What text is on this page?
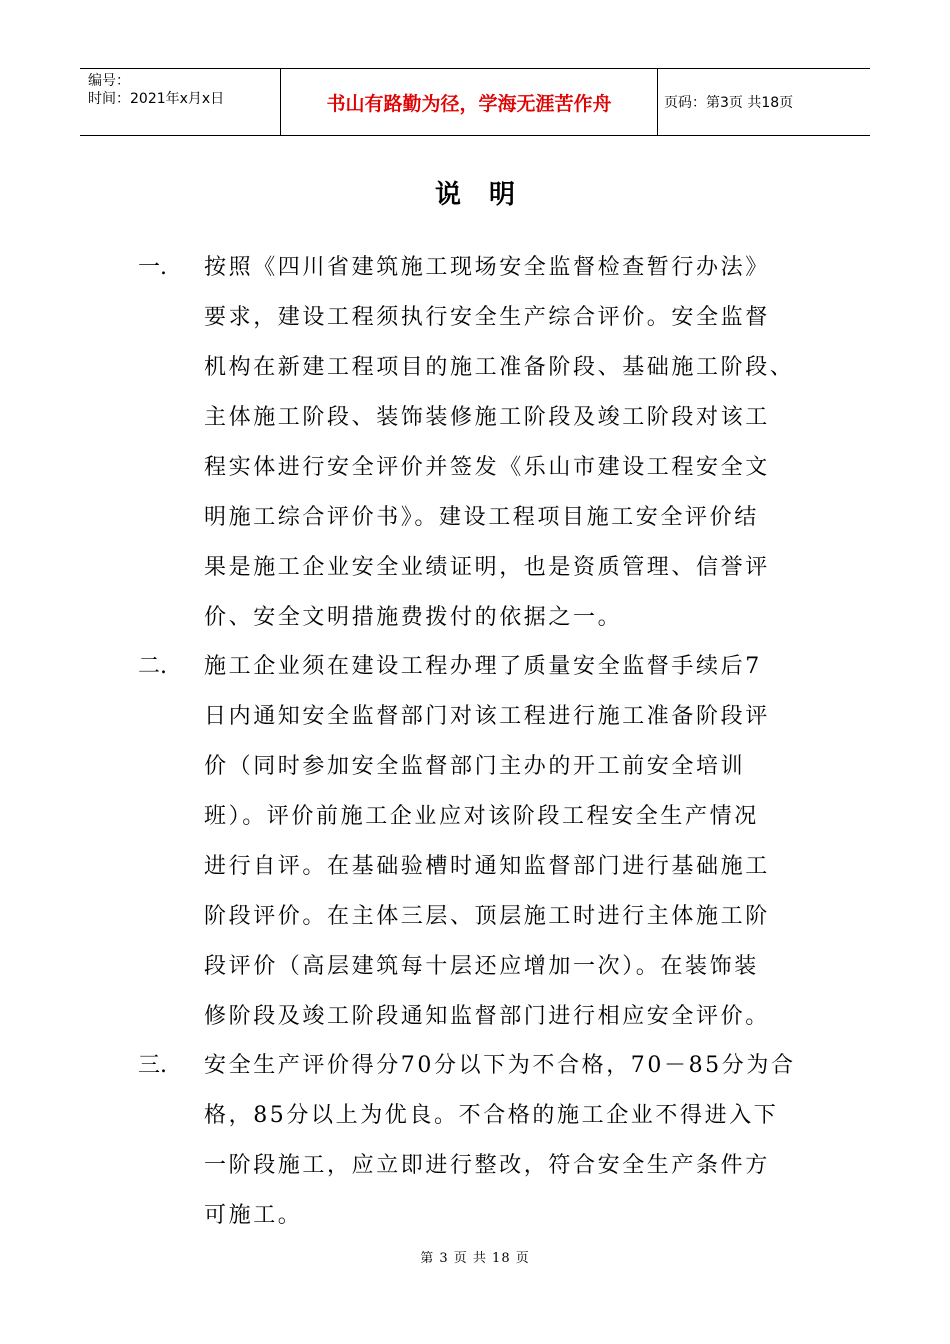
编号：
时间：2021年x月x日	书山有路勤为径，学海无涯苦作舟	页码：第3页 共18页
说明
一.	按照《四川省建筑施工现场安全监督检查暂行办法》
要求，建设工程须执行安全生产综合评价。安全监督
机构在新建工程项目的施工准备阶段、基础施工阶段、
主体施工阶段、装饰装修施工阶段及竣工阶段对该工
程实体进行安全评价并签发《乐山市建设工程安全文
明施工综合评价书》。建设工程项目施工安全评价结
果是施工企业安全业绩证明，也是资质管理、信誉评
价、安全文明措施费拨付的依据之一。
二.	施工企业须在建设工程办理了质量安全监督手续后7
日内通知安全监督部门对该工程进行施工准备阶段评
价（同时参加安全监督部门主办的开工前安全培训
班）。评价前施工企业应对该阶段工程安全生产情况
进行自评。在基础验槽时通知监督部门进行基础施工
阶段评价。在主体三层、顶层施工时进行主体施工阶
段评价（高层建筑每十层还应增加一次）。在装饰装
修阶段及竣工阶段通知监督部门进行相应安全评价。
三.	安全生产评价得分70分以下为不合格，70－85分为合
格，85分以上为优良。不合格的施工企业不得进入下
一阶段施工，应立即进行整改，符合安全生产条件方
可施工。
第 3 页 共 18 页
